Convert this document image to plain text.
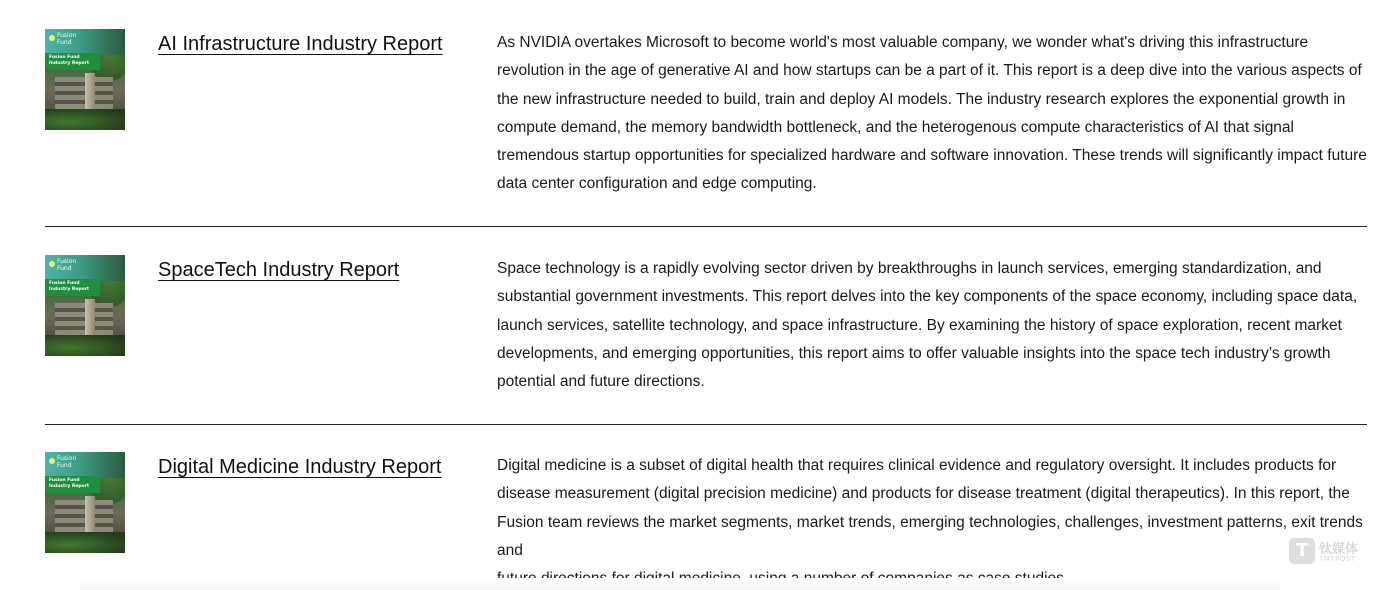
Fusion
Fund
Fusion Fund
Industry Report
AI Infrastructure Industry Report	As NVIDIA overtakes Microsoft to become world's most valuable company, we wonder what's driving this infrastructure
revolution in the age of generative AI and how startups can be a part of it. This report is a deep dive into the various aspects of
the new infrastructure needed to build, train and deploy AI models. The industry research explores the exponential growth in
compute demand, the memory bandwidth bottleneck, and the heterogenous compute characteristics of AI that signal
tremendous startup opportunities for specialized hardware and software innovation. These trends will significantly impact future
data center configuration and edge computing.
Fusion
Fund
Fusion Fund
Industry Report
SpaceTech Industry Report	Space technology is a rapidly evolving sector driven by breakthroughs in launch services, emerging standardization, and
substantial government investments. This report delves into the key components of the space economy, including space data,
launch services, satellite technology, and space infrastructure. By examining the history of space exploration, recent market
developments, and emerging opportunities, this report aims to offer valuable insights into the space tech industry’s growth
potential and future directions.
Fusion
Fund
Fusion Fund
Industry Report
Digital Medicine Industry Report	Digital medicine is a subset of digital health that requires clinical evidence and regulatory oversight. It includes products for
disease measurement (digital precision medicine) and products for disease treatment (digital therapeutics). In this report, the
Fusion team reviews the market segments, market trends, emerging technologies, challenges, investment patterns, exit trends and	T 钛媒体
TMTPOST
